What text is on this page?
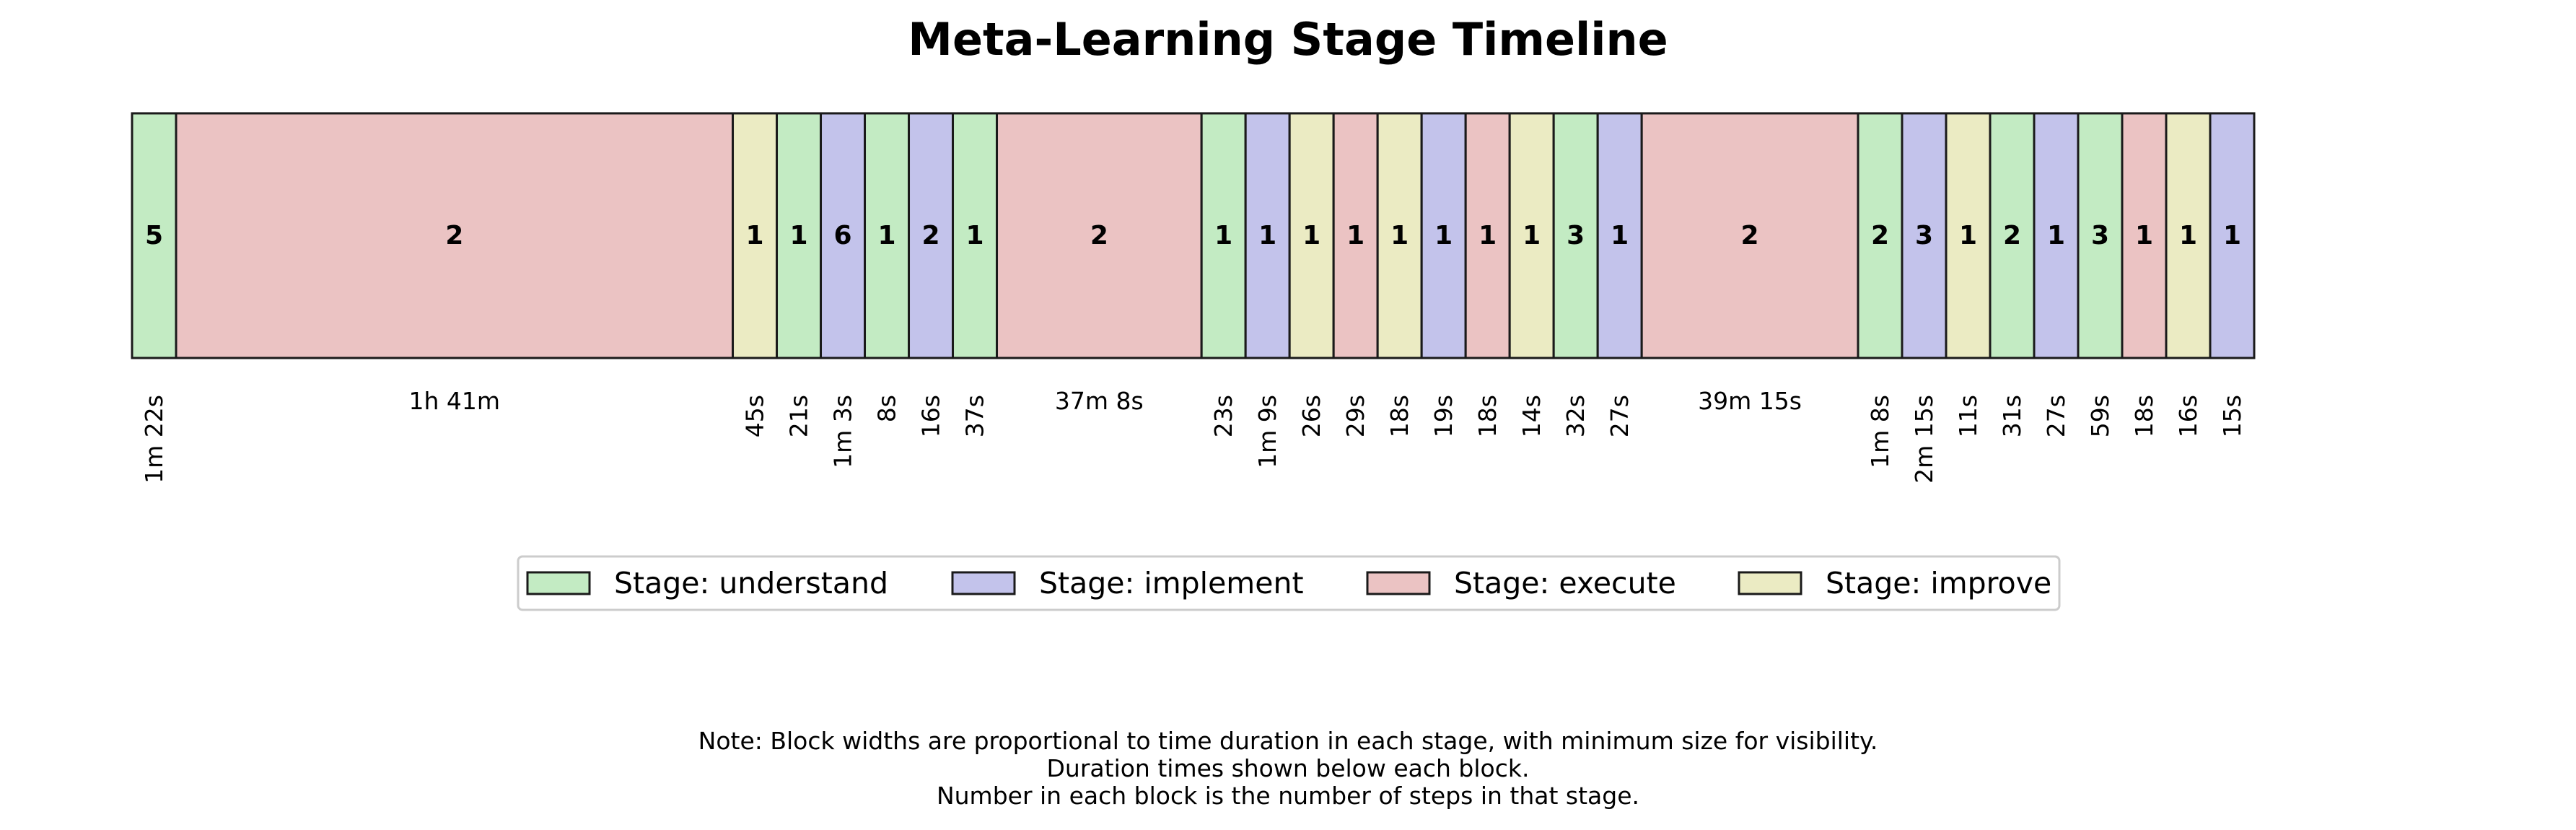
Meta-Learning Stage Timeline
5	2	1 1 6 1 2 1	2	1 1 1 1 1 1 1 1 3 1	2	2 3 1 2 1 3 1 1 1
1m 22s	1h 41m	45s 21s 1m 3s 8s 16s 37s	37m 8s	23s 1m 9s 26s 29s 18s 19s 18s 14s 32s 27s	39m 15s	1m 8s 2m 15s 11s 31s 27s 59s 18s 16s 15s
Stage: understand	Stage: implement	Stage: execute	Stage: improve
Note: Block widths are proportional to time duration in each stage, with minimum size for visibility.
Duration times shown below each block.
Number in each block is the number of steps in that stage.
